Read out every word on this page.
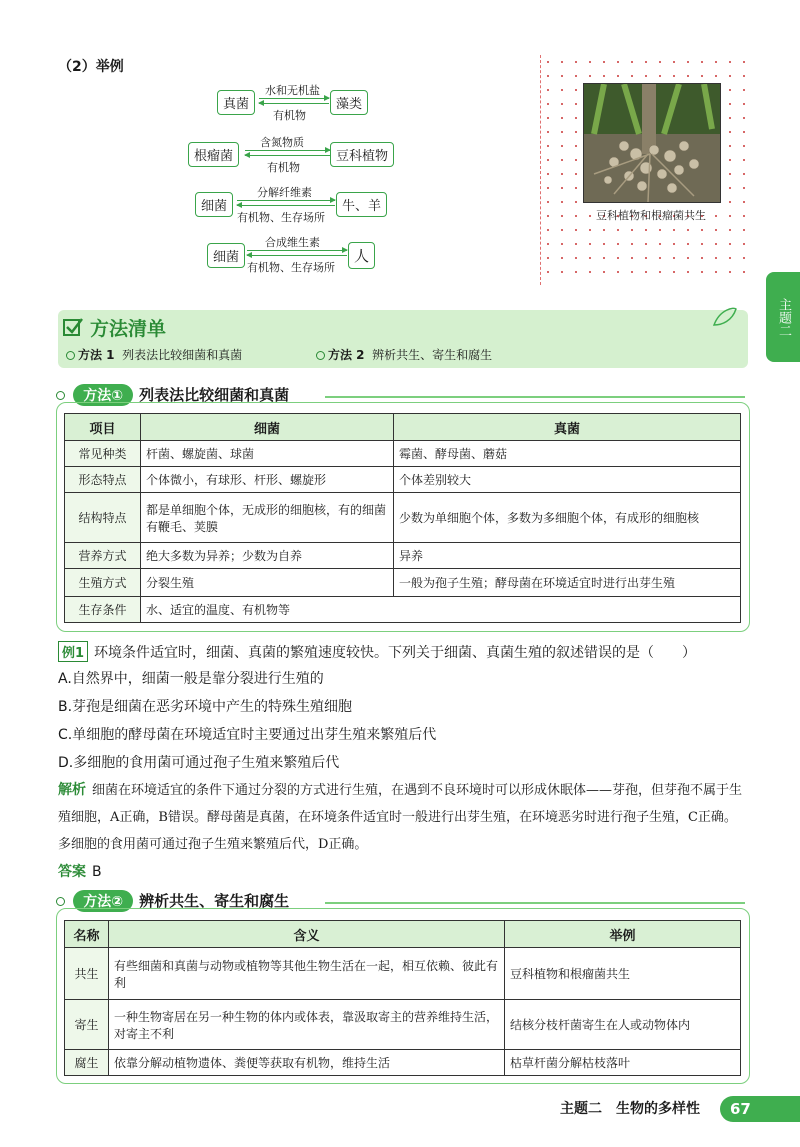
（2）举例
真菌
水和无机盐
有机物
藻类
根瘤菌
含氮物质
有机物
豆科植物
细菌
分解纤维素
有机物、生存场所
牛、羊
细菌
合成维生素
有机物、生存场所
人
豆科植物和根瘤菌共生
主题二
方法清单
方法 1 列表法比较细菌和真菌	方法 2 辨析共生、寄生和腐生
方法① 列表法比较细菌和真菌
项目	细菌	真菌
常见种类	杆菌、螺旋菌、球菌	霉菌、酵母菌、蘑菇
形态特点	个体微小，有球形、杆形、螺旋形	个体差别较大
结构特点	都是单细胞个体，无成形的细胞核，有的细菌有鞭毛、荚膜	少数为单细胞个体，多数为多细胞个体，有成形的细胞核
营养方式	绝大多数为异养；少数为自养	异养
生殖方式	分裂生殖	一般为孢子生殖；酵母菌在环境适宜时进行出芽生殖
生存条件	水、适宜的温度、有机物等	
例1 环境条件适宜时，细菌、真菌的繁殖速度较快。下列关于细菌、真菌生殖的叙述错误的是（　　）
A.自然界中，细菌一般是靠分裂进行生殖的
B.芽孢是细菌在恶劣环境中产生的特殊生殖细胞
C.单细胞的酵母菌在环境适宜时主要通过出芽生殖来繁殖后代
D.多细胞的食用菌可通过孢子生殖来繁殖后代
解析 细菌在环境适宜的条件下通过分裂的方式进行生殖，在遇到不良环境时可以形成休眠体——芽孢，但芽孢不属于生殖细胞，A正确，B错误。酵母菌是真菌，在环境条件适宜时一般进行出芽生殖，在环境恶劣时进行孢子生殖，C正确。多细胞的食用菌可通过孢子生殖来繁殖后代，D正确。
答案 B
方法② 辨析共生、寄生和腐生
名称	含义	举例
共生	有些细菌和真菌与动物或植物等其他生物生活在一起，相互依赖、彼此有利	豆科植物和根瘤菌共生
寄生	一种生物寄居在另一种生物的体内或体表，靠汲取寄主的营养维持生活，对寄主不利	结核分枝杆菌寄生在人或动物体内
腐生	依靠分解动植物遗体、粪便等获取有机物，维持生活	枯草杆菌分解枯枝落叶
主题二　生物的多样性	67
